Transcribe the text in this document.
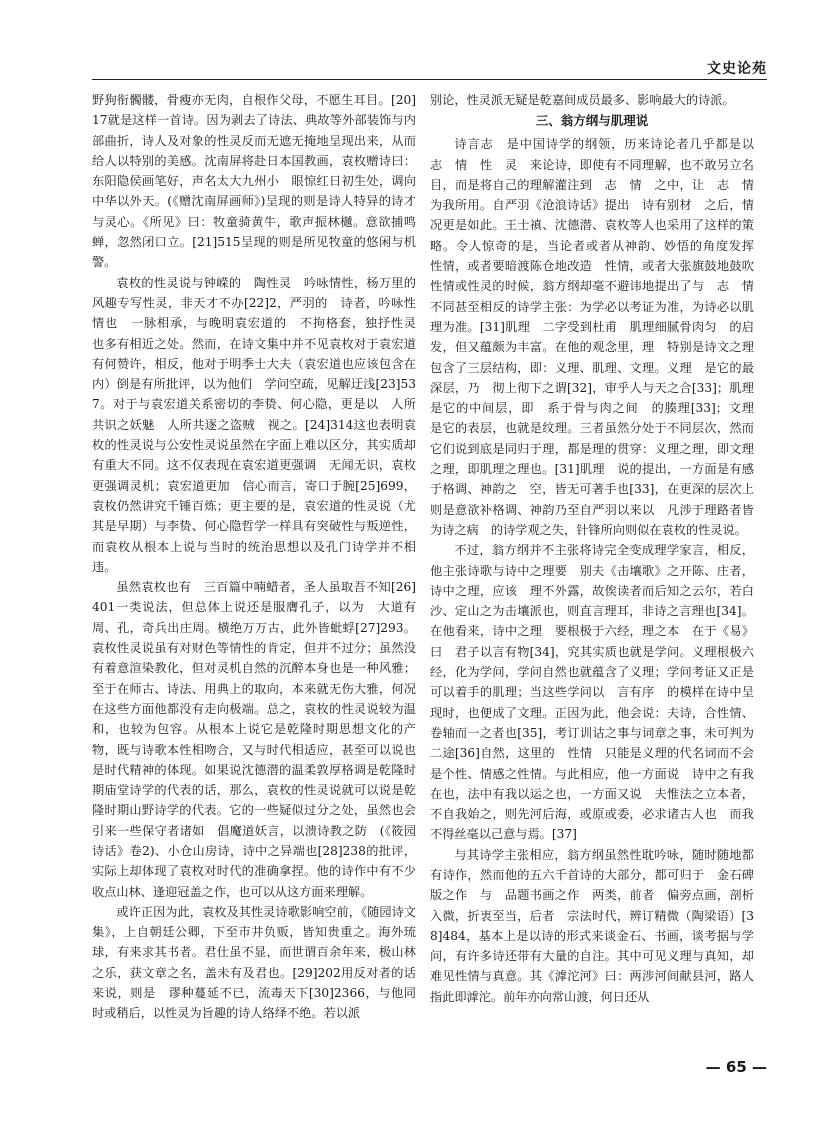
文史论苑

野狗衔髑髅，骨瘦亦无肉，自根作父母，不愿生耳目。[20]17就是这样一首诗。因为剥去了诗法、典故等外部装饰与内部曲折，诗人及对象的性灵反而无遮无掩地呈现出来，从而给人以特别的美感。沈南屏将赴日本国教画，袁枚赠诗曰：东阳隐侯画笔好，声名太大九州小　眼惊红日初生处，调向中华以外天。(《赠沈南屏画师》)呈现的则是诗人特异的诗才与灵心。《所见》曰：牧童骑黄牛，歌声振林樾。意欲捕鸣蝉，忽然闭口立。[21]515呈现的则是所见牧童的悠闲与机警。

袁枚的性灵说与钟嵘的　陶性灵　吟咏情性，杨万里的　风趣专写性灵，非天才不办[22]2，严羽的　诗者，吟咏性情也　一脉相承，与晚明袁宏道的　不拘格套，独抒性灵　也多有相近之处。然而，在诗文集中并不见袁枚对于袁宏道有何赞许，相反，他对于明季士大夫（袁宏道也应该包含在内）倒是有所批评，以为他们　学问空疏，见解迂浅[23]537。对于与袁宏道关系密切的李贽、何心隐，更是以　人所共识之妖魅　人所共逐之盗贼　视之。[24]314这也表明袁枚的性灵说与公安性灵说虽然在字面上难以区分，其实质却有重大不同。这不仅表现在袁宏道更强调　无闻无识，袁枚更强调灵机；袁宏道更加　信心而言，寄口于腕[25]699，袁枚仍然讲究千锤百炼；更主要的是，袁宏道的性灵说（尤其是早期）与李贽、何心隐哲学一样具有突破性与叛逆性，而袁枚从根本上说与当时的统治思想以及孔门诗学并不相违。

虽然袁枚也有　三百篇中喃蜡者，圣人虽取吾不知[26]401一类说法，但总体上说还是服膺孔子，以为　大道有周、孔，奇兵出庄周。横绝万万古，此外皆蚍蜉[27]293。袁枚性灵说虽有对财色等情性的肯定，但并不过分；虽然没有着意渲染教化，但对灵机自然的沉醉本身也是一种风雅；至于在师古、诗法、用典上的取向，本来就无伤大雅，何况在这些方面他都没有走向极端。总之，袁枚的性灵说较为温和，也较为包容。从根本上说它是乾隆时期思想文化的产物，既与诗歌本性相吻合，又与时代相适应，甚至可以说也是时代精神的体现。如果说沈德潜的温柔敦厚格调是乾隆时期庙堂诗学的代表的话，那么，袁枚的性灵说就可以说是乾隆时期山野诗学的代表。它的一些疑似过分之处，虽然也会引来一些保守者诸如　倡魔道妖言，以溃诗教之防　(《筱园诗话》卷2)、小仓山房诗，诗中之异端也[28]238的批评，实际上却体现了袁枚对时代的准确拿捏。他的诗作中有不少收点山林、逢迎冠盖之作，也可以从这方面来理解。

或许正因为此，袁枚及其性灵诗歌影响空前，《随园诗文集》，上自朝廷公卿，下至市井负贩，皆知贵重之。海外琉球，有来求其书者。君仕虽不显，而世谓百余年来，极山林之乐，获文章之名，盖未有及君也。[29]202用反对者的话来说，则是　谬种蔓延不已，流毒天下[30]2366，与他同时或稍后，以性灵为旨趣的诗人络绎不绝。若以派

别论，性灵派无疑是乾嘉间成员最多、影响最大的诗派。

三、翁方纲与肌理说

诗言志　是中国诗学的纲领，历来诗论者几乎都是以　志　情　性　灵　来论诗，即使有不同理解，也不敢另立名目，而是将自己的理解灌注到　志　情　之中，让　志　情　为我所用。自严羽《沧浪诗话》提出　诗有别材　之后，情况更是如此。王士禛、沈德潜、袁枚等人也采用了这样的策略。令人惊奇的是，当论者或者从神韵、妙悟的角度发挥　性情，或者要暗渡陈仓地改造　性情，或者大张旗鼓地鼓吹性情或性灵的时候，翁方纲却毫不避讳地提出了与　志　情　不同甚至相反的诗学主张：为学必以考证为准，为诗必以肌理为准。[31]肌理　二字受到杜甫　肌理细腻骨肉匀　的启发，但又蕴颇为丰富。在他的观念里，理　特别是诗文之理包含了三层结构，即：义理、肌理、文理。义理　是它的最深层，乃　彻上彻下之谓[32]，审乎人与天之合[33]；肌理　是它的中间层，即　系于骨与肉之间　的腠理[33]；文理　是它的表层，也就是纹理。三者虽然分处于不同层次，然而它们说到底是同归于理，都是理的贯穿：义理之理，即文理之理，即肌理之理也。[31]肌理　说的提出，一方面是有感于格调、神韵之　空，皆无可著手也[33]，在更深的层次上则是意欲补格调、神韵乃至自严羽以来以　凡涉于理路者皆为诗之病　的诗学观之失，针锋所向则似在袁枚的性灵说。

不过，翁方纲并不主张将诗完全变成理学家言，相反，他主张诗歌与诗中之理要　别夫《击壤歌》之开陈、庄者，诗中之理，应该　理不外露，故俟读者而后知之云尔，若白沙、定山之为击壤派也，则直言理耳，非诗之言理也[34]。在他看来，诗中之理　要根极于六经，理之本　在于《易》曰　君子以言有物[34]，究其实质也就是学问。义理根极六经，化为学问，学问自然也就蕴含了义理；学问考证又正是可以着手的肌理；当这些学问以　言有序　的模样在诗中呈现时，也便成了文理。正因为此，他会说：夫诗，合性情、卷轴而一之者也[35]，考订训诂之事与词章之事，未可判为二途[36]自然，这里的　性情　只能是义理的代名词而不会是个性、情感之性情。与此相应，他一方面说　诗中之有我在也，法中有我以运之也，一方面又说　夫惟法之立本者，不自我始之，则先河后海，或原或委，必求诸古人也　而我不得丝毫以己意与焉。[37]

与其诗学主张相应，翁方纲虽然性耽吟咏，随时随地都有诗作，然而他的五六千首诗的大部分，都可归于　金石碑版之作　与　品题书画之作　两类，前者　偏旁点画，剖析入微，折衷至当，后者　宗法时代，辨订精微（陶梁语）[38]484，基本上是以诗的形式来谈金石、书画，谈考据与学问，有许多诗还带有大量的自注。其中可见义理与真知，却难见性情与真意。其《滹沱河》曰：两涉河间献县河，路人指此即滹沱。前年亦向常山渡，何日还从

— 65 —
